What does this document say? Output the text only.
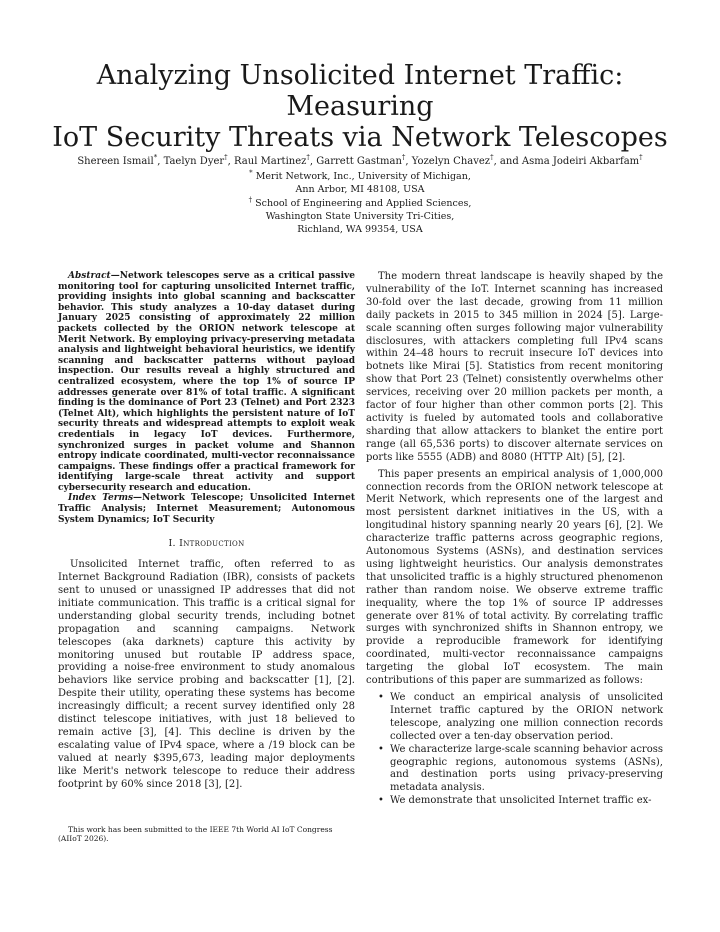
Analyzing Unsolicited Internet Traffic: Measuring
IoT Security Threats via Network Telescopes
Shereen Ismail*, Taelyn Dyer†, Raul Martinez†, Garrett Gastman†, Yozelyn Chavez†, and Asma Jodeiri Akbarfam†
* Merit Network, Inc., University of Michigan,
Ann Arbor, MI 48108, USA
† School of Engineering and Applied Sciences,
Washington State University Tri-Cities,
Richland, WA 99354, USA

Abstract—Network telescopes serve as a critical passive monitoring tool for capturing unsolicited Internet traffic, providing insights into global scanning and backscatter behavior. This study analyzes a 10-day dataset during January 2025 consisting of approximately 22 million packets collected by the ORION network telescope at Merit Network. By employing privacy-preserving metadata analysis and lightweight behavioral heuristics, we identify scanning and backscatter patterns without payload inspection. Our results reveal a highly structured and centralized ecosystem, where the top 1% of source IP addresses generate over 81% of total traffic. A significant finding is the dominance of Port 23 (Telnet) and Port 2323 (Telnet Alt), which highlights the persistent nature of IoT security threats and widespread attempts to exploit weak credentials in legacy IoT devices. Furthermore, synchronized surges in packet volume and Shannon entropy indicate coordinated, multi-vector reconnaissance campaigns. These findings offer a practical framework for identifying large-scale threat activity and support cybersecurity research and education.

Index Terms—Network Telescope; Unsolicited Internet Traffic Analysis; Internet Measurement; Autonomous System Dynamics; IoT Security

I. Introduction

Unsolicited Internet traffic, often referred to as Internet Background Radiation (IBR), consists of packets sent to unused or unassigned IP addresses that did not initiate communication. This traffic is a critical signal for understanding global security trends, including botnet propagation and scanning campaigns. Network telescopes (aka darknets) capture this activity by monitoring unused but routable IP address space, providing a noise-free environment to study anomalous behaviors like service probing and backscatter [1], [2]. Despite their utility, operating these systems has become increasingly difficult; a recent survey identified only 28 distinct telescope initiatives, with just 18 believed to remain active [3], [4]. This decline is driven by the escalating value of IPv4 space, where a /19 block can be valued at nearly $395,673, leading major deployments like Merit's network telescope to reduce their address footprint by 60% since 2018 [3], [2].

This work has been submitted to the IEEE 7th World AI IoT Congress (AIIoT 2026).

The modern threat landscape is heavily shaped by the vulnerability of the IoT. Internet scanning has increased 30-fold over the last decade, growing from 11 million daily packets in 2015 to 345 million in 2024 [5]. Large-scale scanning often surges following major vulnerability disclosures, with attackers completing full IPv4 scans within 24–48 hours to recruit insecure IoT devices into botnets like Mirai [5]. Statistics from recent monitoring show that Port 23 (Telnet) consistently overwhelms other services, receiving over 20 million packets per month, a factor of four higher than other common ports [2]. This activity is fueled by automated tools and collaborative sharding that allow attackers to blanket the entire port range (all 65,536 ports) to discover alternate services on ports like 5555 (ADB) and 8080 (HTTP Alt) [5], [2].

This paper presents an empirical analysis of 1,000,000 connection records from the ORION network telescope at Merit Network, which represents one of the largest and most persistent darknet initiatives in the US, with a longitudinal history spanning nearly 20 years [6], [2]. We characterize traffic patterns across geographic regions, Autonomous Systems (ASNs), and destination services using lightweight heuristics. Our analysis demonstrates that unsolicited traffic is a highly structured phenomenon rather than random noise. We observe extreme traffic inequality, where the top 1% of source IP addresses generate over 81% of total activity. By correlating traffic surges with synchronized shifts in Shannon entropy, we provide a reproducible framework for identifying coordinated, multi-vector reconnaissance campaigns targeting the global IoT ecosystem. The main contributions of this paper are summarized as follows:

• We conduct an empirical analysis of unsolicited Internet traffic captured by the ORION network telescope, analyzing one million connection records collected over a ten-day observation period.
• We characterize large-scale scanning behavior across geographic regions, autonomous systems (ASNs), and destination ports using privacy-preserving metadata analysis.
• We demonstrate that unsolicited Internet traffic ex-
